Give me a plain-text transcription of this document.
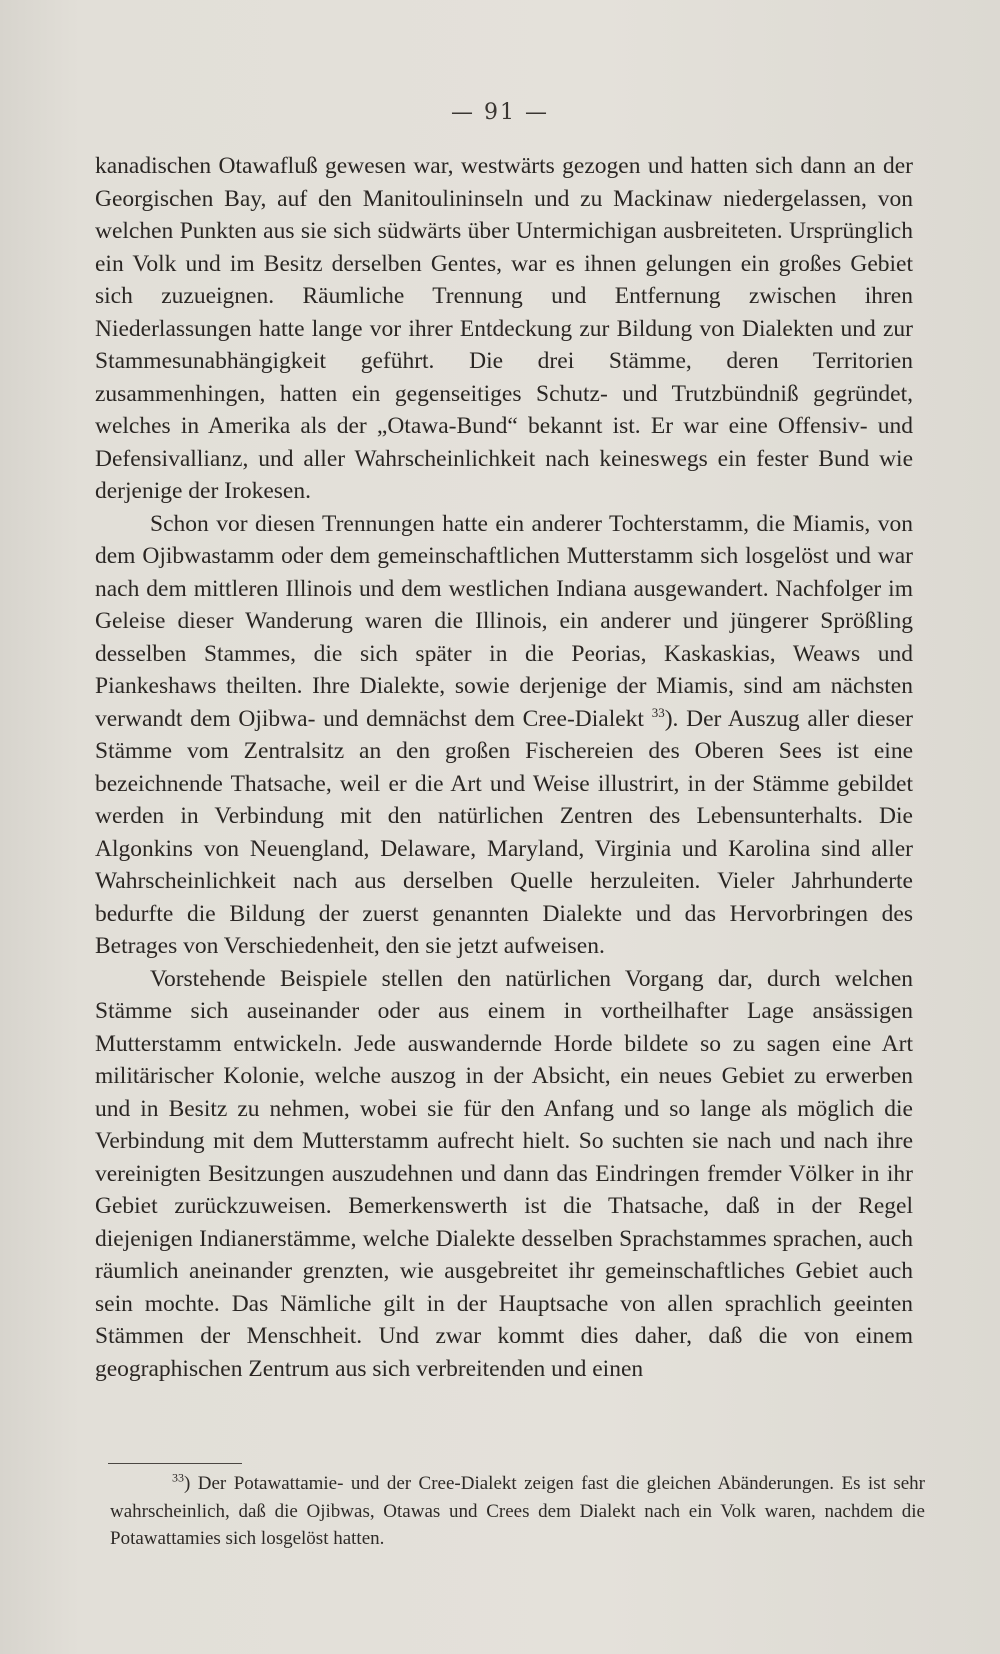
— 91 —

kanadischen Otawafluß gewesen war, westwärts gezogen und hatten sich dann an der Georgischen Bay, auf den Manitoulininseln und zu Mackinaw niedergelassen, von welchen Punkten aus sie sich südwärts über Untermichigan ausbreiteten. Ursprünglich ein Volk und im Besitz derselben Gentes, war es ihnen gelungen ein großes Gebiet sich zuzueignen. Räumliche Trennung und Entfernung zwischen ihren Niederlassungen hatte lange vor ihrer Entdeckung zur Bildung von Dialekten und zur Stammesunabhängigkeit geführt. Die drei Stämme, deren Territorien zusammenhingen, hatten ein gegenseitiges Schutz- und Trutzbündniß gegründet, welches in Amerika als der „Otawa-Bund“ bekannt ist. Er war eine Offensiv- und Defensivallianz, und aller Wahrscheinlichkeit nach keineswegs ein fester Bund wie derjenige der Irokesen.

Schon vor diesen Trennungen hatte ein anderer Tochterstamm, die Miamis, von dem Ojibwastamm oder dem gemeinschaftlichen Mutterstamm sich losgelöst und war nach dem mittleren Illinois und dem westlichen Indiana ausgewandert. Nachfolger im Geleise dieser Wanderung waren die Illinois, ein anderer und jüngerer Sprößling desselben Stammes, die sich später in die Peorias, Kaskaskias, Weaws und Piankeshaws theilten. Ihre Dialekte, sowie derjenige der Miamis, sind am nächsten verwandt dem Ojibwa- und demnächst dem Cree-Dialekt $^{33}$). Der Auszug aller dieser Stämme vom Zentralsitz an den großen Fischereien des Oberen Sees ist eine bezeichnende Thatsache, weil er die Art und Weise illustrirt, in der Stämme gebildet werden in Verbindung mit den natürlichen Zentren des Lebensunterhalts. Die Algonkins von Neuengland, Delaware, Maryland, Virginia und Karolina sind aller Wahrscheinlichkeit nach aus derselben Quelle herzuleiten. Vieler Jahrhunderte bedurfte die Bildung der zuerst genannten Dialekte und das Hervorbringen des Betrages von Verschiedenheit, den sie jetzt aufweisen.

Vorstehende Beispiele stellen den natürlichen Vorgang dar, durch welchen Stämme sich auseinander oder aus einem in vortheilhafter Lage ansässigen Mutterstamm entwickeln. Jede auswandernde Horde bildete so zu sagen eine Art militärischer Kolonie, welche auszog in der Absicht, ein neues Gebiet zu erwerben und in Besitz zu nehmen, wobei sie für den Anfang und so lange als möglich die Verbindung mit dem Mutterstamm aufrecht hielt. So suchten sie nach und nach ihre vereinigten Besitzungen auszudehnen und dann das Eindringen fremder Völker in ihr Gebiet zurückzuweisen. Bemerkenswerth ist die Thatsache, daß in der Regel diejenigen Indianerstämme, welche Dialekte desselben Sprachstammes sprachen, auch räumlich aneinander grenzten, wie ausgebreitet ihr gemeinschaftliches Gebiet auch sein mochte. Das Nämliche gilt in der Hauptsache von allen sprachlich geeinten Stämmen der Menschheit. Und zwar kommt dies daher, daß die von einem geographischen Zentrum aus sich verbreitenden und einen

$^{33}$) Der Potawattamie- und der Cree-Dialekt zeigen fast die gleichen Abänderungen. Es ist sehr wahrscheinlich, daß die Ojibwas, Otawas und Crees dem Dialekt nach ein Volk waren, nachdem die Potawattamies sich losgelöst hatten.
